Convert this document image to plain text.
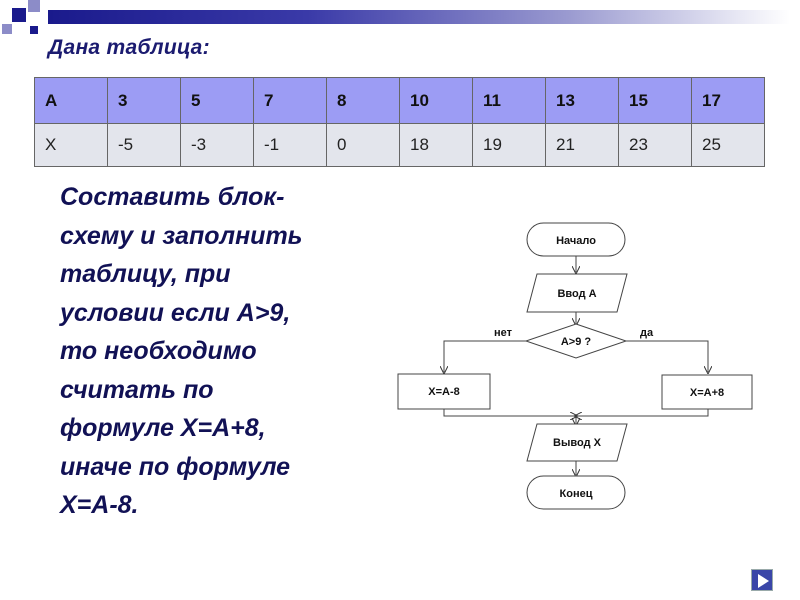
Дана таблица:
A	3	5	7	8	10	11	13	15	17
X	-5	-3	-1	0	18	19	21	23	25
Составить блок-
схему и заполнить
таблицу, при
условии если А>9,
то необходимо
считать по
формуле Х=А+8,
иначе по формуле
Х=А-8.
Начало
Ввод А
А>9 ?
нет	да
Х=А-8	Х=А+8
Вывод Х
Конец
